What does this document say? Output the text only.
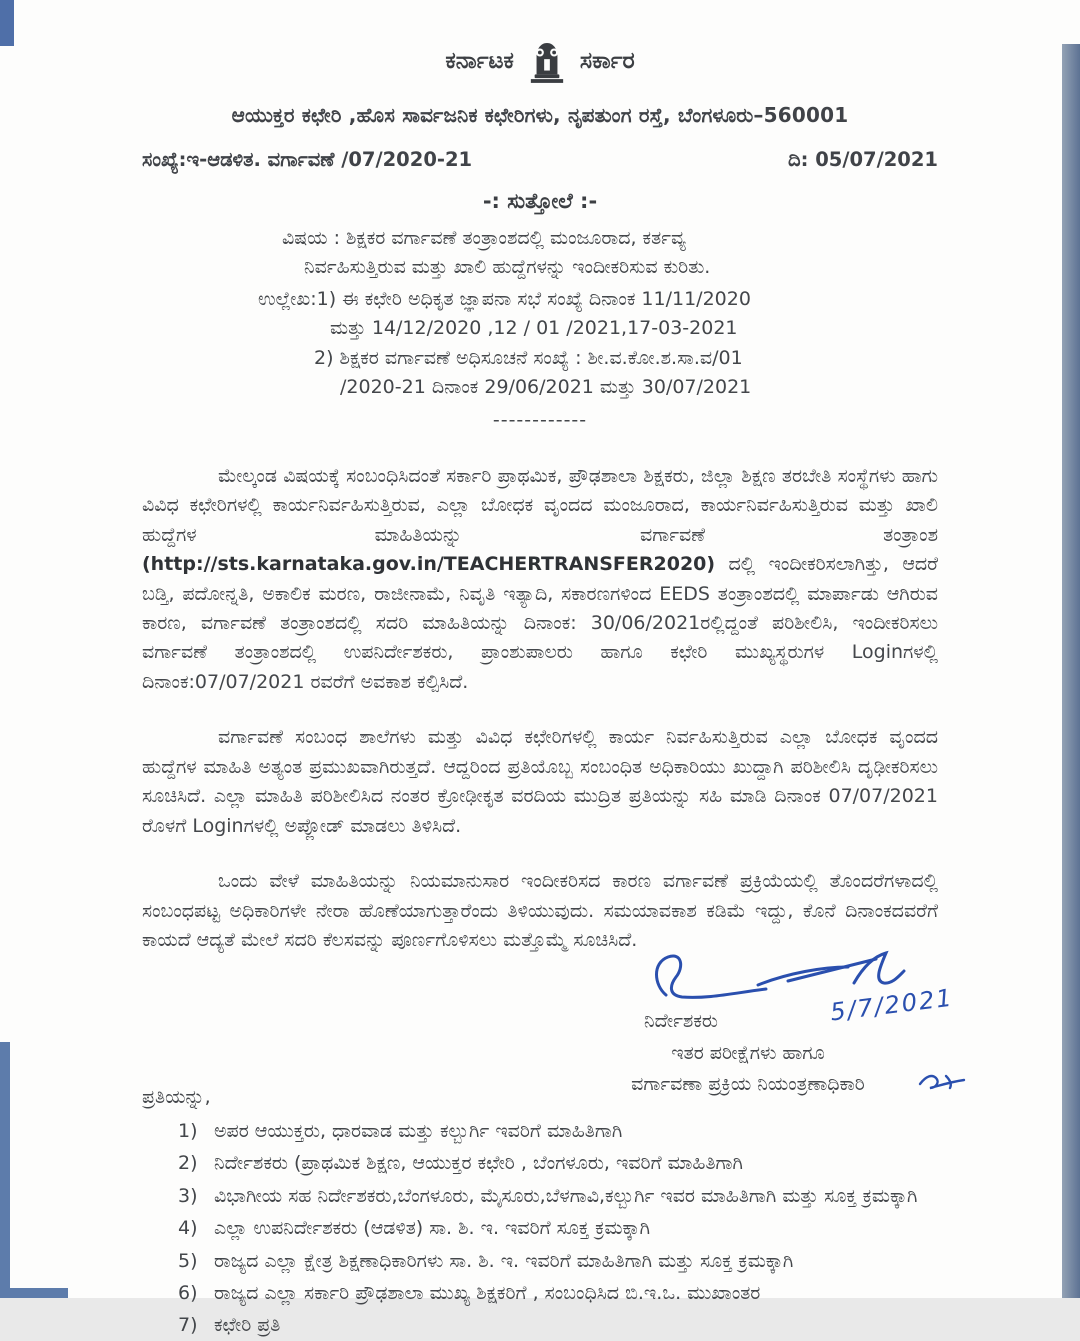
ಕರ್ನಾಟಕ	ಸರ್ಕಾರ
ಆಯುಕ್ತರ ಕಛೇರಿ ,ಹೊಸ ಸಾರ್ವಜನಿಕ ಕಛೇರಿಗಳು, ನೃಪತುಂಗ ರಸ್ತೆ, ಬೆಂಗಳೂರು–560001
ಸಂಖ್ಯೆ:ಇ-ಆಡಳಿತ. ವರ್ಗಾವಣೆ /07/2020-21	ದಿ: 05/07/2021
-: ಸುತ್ತೋಲೆ :-
ವಿಷಯ : ಶಿಕ್ಷಕರ ವರ್ಗಾವಣೆ ತಂತ್ರಾಂಶದಲ್ಲಿ ಮಂಜೂರಾದ, ಕರ್ತವ್ಯ
ನಿರ್ವಹಿಸುತ್ತಿರುವ ಮತ್ತು ಖಾಲಿ ಹುದ್ದೆಗಳನ್ನು ಇಂದೀಕರಿಸುವ ಕುರಿತು.
ಉಲ್ಲೇಖ:1) ಈ ಕಛೇರಿ ಅಧಿಕೃತ ಜ್ಞಾಪನಾ ಸಭೆ ಸಂಖ್ಯೆ ದಿನಾಂಕ 11/11/2020
ಮತ್ತು 14/12/2020 ,12 / 01 /2021,17-03-2021
2) ಶಿಕ್ಷಕರ ವರ್ಗಾವಣೆ ಅಧಿಸೂಚನೆ ಸಂಖ್ಯೆ : ಶೀ.ವ.ಕೋ.ಶ.ಸಾ.ವ/01
/2020-21 ದಿನಾಂಕ 29/06/2021 ಮತ್ತು 30/07/2021
------------
ಮೇಲ್ಕಂಡ ವಿಷಯಕ್ಕೆ ಸಂಬಂಧಿಸಿದಂತೆ ಸರ್ಕಾರಿ ಪ್ರಾಥಮಿಕ, ಪ್ರೌಢಶಾಲಾ ಶಿಕ್ಷಕರು, ಜಿಲ್ಲಾ ಶಿಕ್ಷಣ ತರಬೇತಿ ಸಂಸ್ಥೆಗಳು ಹಾಗು ವಿವಿಧ ಕಛೇರಿಗಳಲ್ಲಿ ಕಾರ್ಯನಿರ್ವಹಿಸುತ್ತಿರುವ, ಎಲ್ಲಾ ಬೋಧಕ ವೃಂದದ ಮಂಜೂರಾದ, ಕಾರ್ಯನಿರ್ವಹಿಸುತ್ತಿರುವ ಮತ್ತು ಖಾಲಿ ಹುದ್ದೆಗಳ ಮಾಹಿತಿಯನ್ನು ವರ್ಗಾವಣೆ ತಂತ್ರಾಂಶ (http://sts.karnataka.gov.in/TEACHERTRANSFER2020) ದಲ್ಲಿ ಇಂದೀಕರಿಸಲಾಗಿತ್ತು, ಆದರೆ ಬಡ್ತಿ, ಪದೋನ್ನತಿ, ಅಕಾಲಿಕ ಮರಣ, ರಾಜೀನಾಮೆ, ನಿವೃತಿ ಇತ್ಯಾದಿ, ಸಕಾರಣಗಳಿಂದ EEDS ತಂತ್ರಾಂಶದಲ್ಲಿ ಮಾರ್ಪಾಡು ಆಗಿರುವ ಕಾರಣ, ವರ್ಗಾವಣೆ ತಂತ್ರಾಂಶದಲ್ಲಿ ಸದರಿ ಮಾಹಿತಿಯನ್ನು ದಿನಾಂಕ: 30/06/2021ರಲ್ಲಿದ್ದಂತೆ ಪರಿಶೀಲಿಸಿ, ಇಂದೀಕರಿಸಲು ವರ್ಗಾವಣೆ ತಂತ್ರಾಂಶದಲ್ಲಿ ಉಪನಿರ್ದೇಶಕರು, ಪ್ರಾಂಶುಪಾಲರು ಹಾಗೂ ಕಛೇರಿ ಮುಖ್ಯಸ್ಥರುಗಳ Loginಗಳಲ್ಲಿ ದಿನಾಂಕ:07/07/2021 ರವರೆಗೆ ಅವಕಾಶ ಕಲ್ಪಿಸಿದೆ.
ವರ್ಗಾವಣೆ ಸಂಬಂಧ ಶಾಲೆಗಳು ಮತ್ತು ವಿವಿಧ ಕಛೇರಿಗಳಲ್ಲಿ ಕಾರ್ಯ ನಿರ್ವಹಿಸುತ್ತಿರುವ ಎಲ್ಲಾ ಬೋಧಕ ವೃಂದದ ಹುದ್ದೆಗಳ ಮಾಹಿತಿ ಅತ್ಯಂತ ಪ್ರಮುಖವಾಗಿರುತ್ತದೆ. ಆದ್ದರಿಂದ ಪ್ರತಿಯೊಬ್ಬ ಸಂಬಂಧಿತ ಅಧಿಕಾರಿಯು ಖುದ್ದಾಗಿ ಪರಿಶೀಲಿಸಿ ದೃಢೀಕರಿಸಲು ಸೂಚಿಸಿದೆ. ಎಲ್ಲಾ ಮಾಹಿತಿ ಪರಿಶೀಲಿಸಿದ ನಂತರ ಕ್ರೋಢೀಕೃತ ವರದಿಯ ಮುದ್ರಿತ ಪ್ರತಿಯನ್ನು ಸಹಿ ಮಾಡಿ ದಿನಾಂಕ 07/07/2021 ರೊಳಗೆ Loginಗಳಲ್ಲಿ ಅಪ್ಲೋಡ್ ಮಾಡಲು ತಿಳಿಸಿದೆ.
ಒಂದು ವೇಳೆ ಮಾಹಿತಿಯನ್ನು ನಿಯಮಾನುಸಾರ ಇಂದೀಕರಿಸದ ಕಾರಣ ವರ್ಗಾವಣೆ ಪ್ರಕ್ರಿಯೆಯಲ್ಲಿ ತೊಂದರೆಗಳಾದಲ್ಲಿ ಸಂಬಂಧಪಟ್ಟ ಅಧಿಕಾರಿಗಳೇ ನೇರಾ ಹೊಣೆಯಾಗುತ್ತಾರೆಂದು ತಿಳಿಯುವುದು. ಸಮಯಾವಕಾಶ ಕಡಿಮೆ ಇದ್ದು, ಕೊನೆ ದಿನಾಂಕದವರೆಗೆ ಕಾಯದೆ ಆದ್ಯತೆ ಮೇಲೆ ಸದರಿ ಕೆಲಸವನ್ನು ಪೂರ್ಣಗೊಳಿಸಲು ಮತ್ತೊಮ್ಮೆ ಸೂಚಿಸಿದೆ.
5/7/2021
ನಿರ್ದೇಶಕರು
ಇತರ ಪರೀಕ್ಷೆಗಳು ಹಾಗೂ
ವರ್ಗಾವಣಾ ಪ್ರಕ್ರಿಯ ನಿಯಂತ್ರಣಾಧಿಕಾರಿ
ಪ್ರತಿಯನ್ನು,
1) ಅಪರ ಆಯುಕ್ತರು, ಧಾರವಾಡ ಮತ್ತು ಕಲ್ಬುರ್ಗಿ ಇವರಿಗೆ ಮಾಹಿತಿಗಾಗಿ
2) ನಿರ್ದೇಶಕರು (ಪ್ರಾಥಮಿಕ ಶಿಕ್ಷಣ, ಆಯುಕ್ತರ ಕಛೇರಿ , ಬೆಂಗಳೂರು, ಇವರಿಗೆ ಮಾಹಿತಿಗಾಗಿ
3) ವಿಭಾಗೀಯ ಸಹ ನಿರ್ದೇಶಕರು,ಬೆಂಗಳೂರು, ಮೈಸೂರು,ಬೆಳಗಾವಿ,ಕಲ್ಬುರ್ಗಿ ಇವರ ಮಾಹಿತಿಗಾಗಿ ಮತ್ತು ಸೂಕ್ತ ಕ್ರಮಕ್ಕಾಗಿ
4) ಎಲ್ಲಾ ಉಪನಿರ್ದೇಶಕರು (ಆಡಳಿತ) ಸಾ. ಶಿ. ಇ. ಇವರಿಗೆ ಸೂಕ್ತ ಕ್ರಮಕ್ಕಾಗಿ
5) ರಾಜ್ಯದ ಎಲ್ಲಾ ಕ್ಷೇತ್ರ ಶಿಕ್ಷಣಾಧಿಕಾರಿಗಳು ಸಾ. ಶಿ. ಇ. ಇವರಿಗೆ ಮಾಹಿತಿಗಾಗಿ ಮತ್ತು ಸೂಕ್ತ ಕ್ರಮಕ್ಕಾಗಿ
6) ರಾಜ್ಯದ ಎಲ್ಲಾ ಸರ್ಕಾರಿ ಪ್ರೌಢಶಾಲಾ ಮುಖ್ಯ ಶಿಕ್ಷಕರಿಗೆ , ಸಂಬಂಧಿಸಿದ ಬಿ.ಇ.ಒ. ಮುಖಾಂತರ
7) ಕಛೇರಿ ಪ್ರತಿ
